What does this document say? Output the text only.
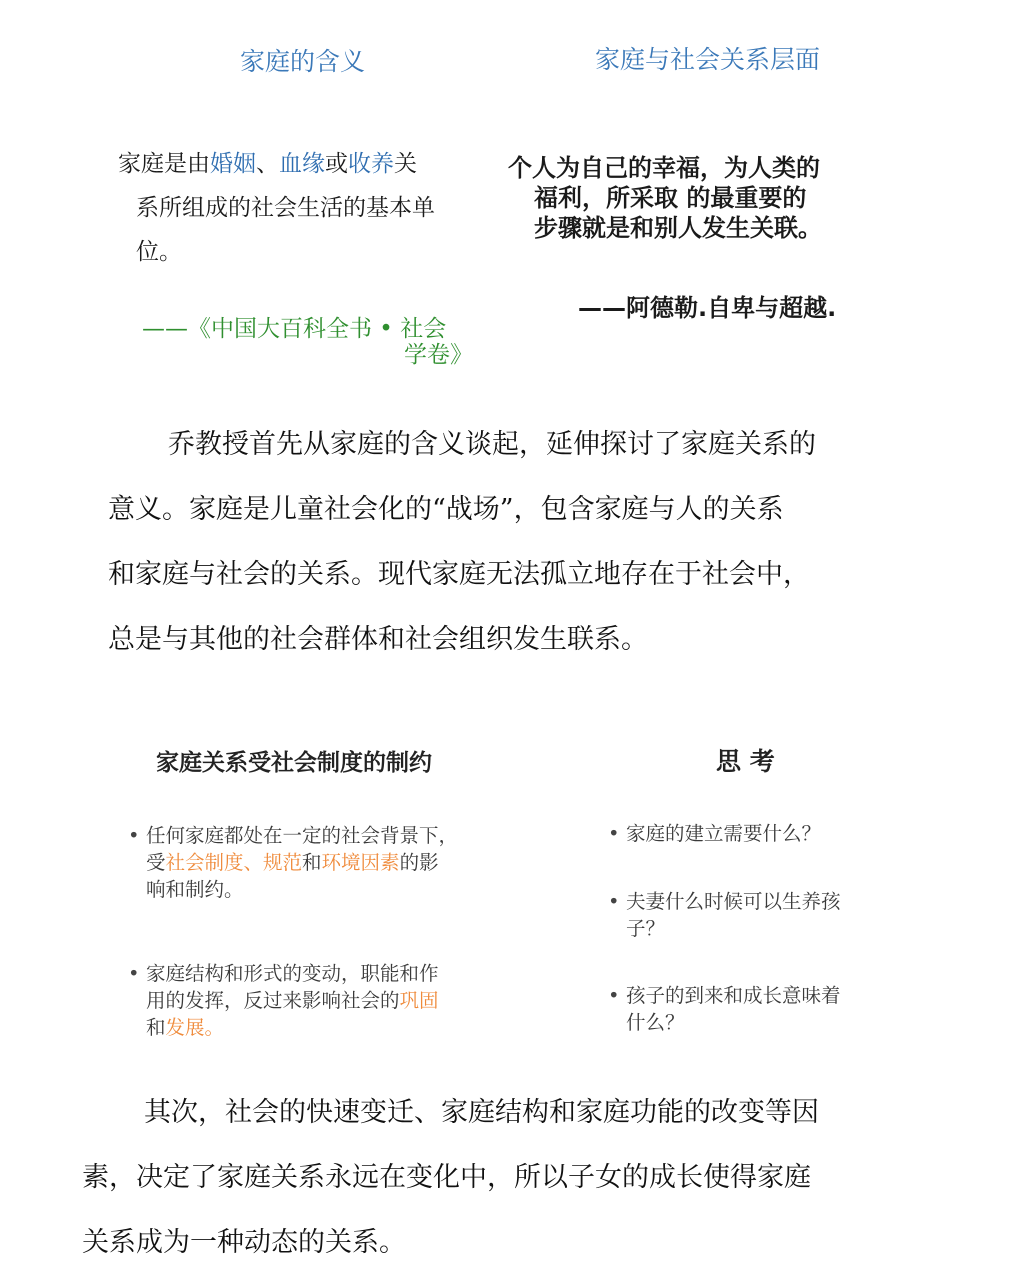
家庭的含义	家庭与社会关系层面
家庭是由婚姻、血缘或收养关
系所组成的社会生活的基本单
位。
——《中国大百科全书 • 社会
学卷》
个人为自己的幸福，为人类的
福利，所采取 的最重要的
步骤就是和别人发生关联。
——阿德勒.自卑与超越.

乔教授首先从家庭的含义谈起，延伸探讨了家庭关系的

意义。家庭是儿童社会化的“战场”，包含家庭与人的关系

和家庭与社会的关系。现代家庭无法孤立地存在于社会中，

总是与其他的社会群体和社会组织发生联系。

家庭关系受社会制度的制约	思 考
• 任何家庭都处在一定的社会背景下，
受社会制度、规范和环境因素的影
响和制约。
• 家庭结构和形式的变动，职能和作
用的发挥，反过来影响社会的巩固
和发展。
• 家庭的建立需要什么？
• 夫妻什么时候可以生养孩
子？
• 孩子的到来和成长意味着
什么？

其次，社会的快速变迁、家庭结构和家庭功能的改变等因

素，决定了家庭关系永远在变化中，所以子女的成长使得家庭

关系成为一种动态的关系。
